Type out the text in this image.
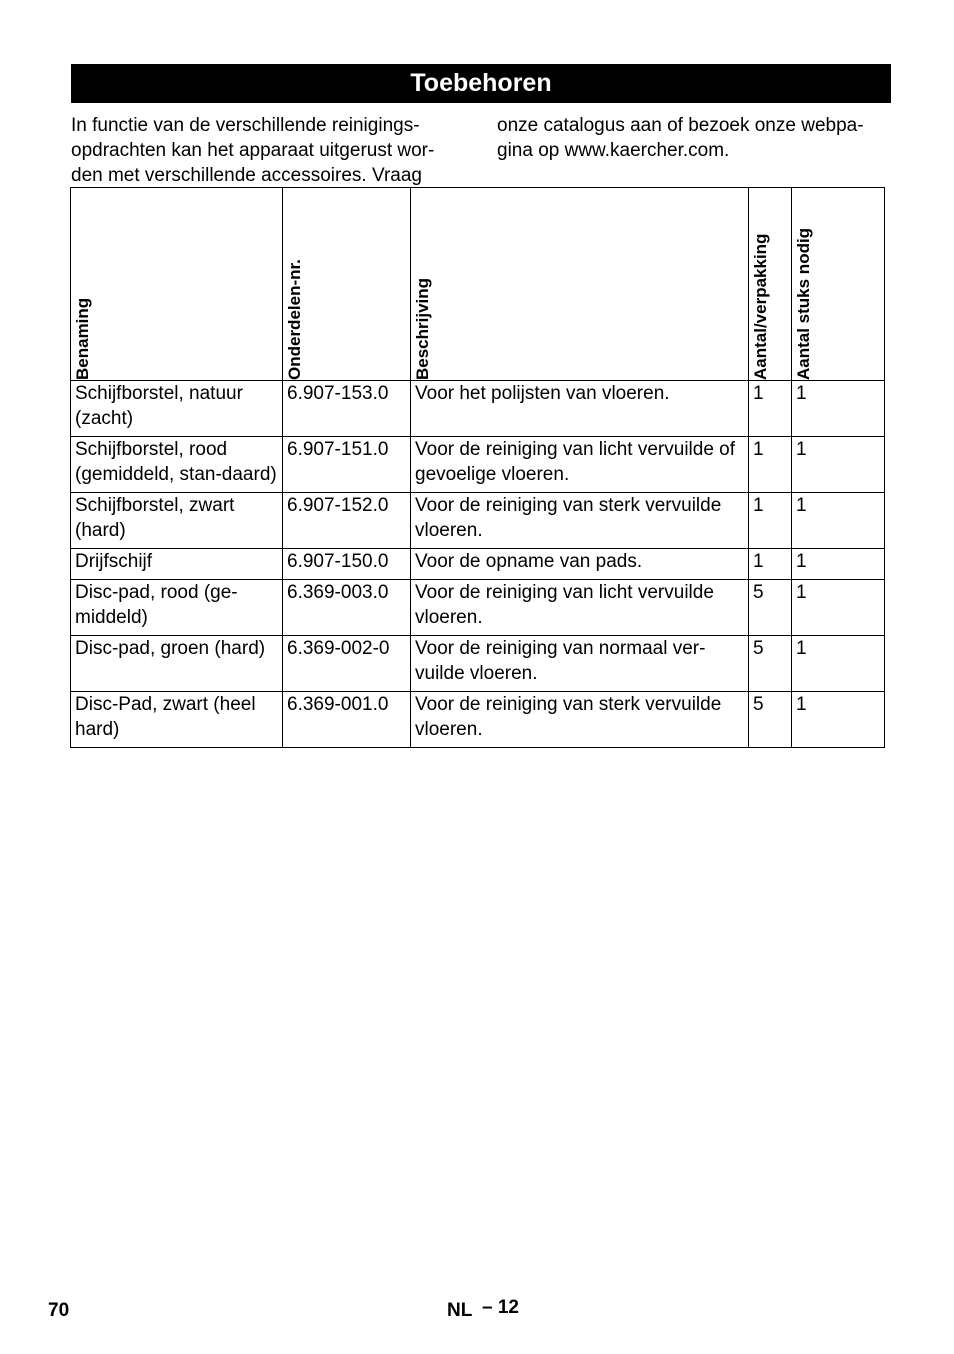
Toebehoren
In functie van de verschillende reinigings-opdrachten kan het apparaat uitgerust wor-den met verschillende accessoires. Vraag
onze catalogus aan of bezoek onze webpa-gina op www.kaercher.com.
Benaming	Onderdelen-nr.	Beschrijving	Aantal/verpakking	Aantal stuks nodig

Schijfborstel, natuur (zacht)	6.907-153.0	Voor het polijsten van vloeren.	1	1
Schijfborstel, rood (gemiddeld, stan-daard)	6.907-151.0	Voor de reiniging van licht vervuilde of gevoelige vloeren.	1	1
Schijfborstel, zwart (hard)	6.907-152.0	Voor de reiniging van sterk vervuilde vloeren.	1	1
Drijfschijf	6.907-150.0	Voor de opname van pads.	1	1
Disc-pad, rood (ge-middeld)	6.369-003.0	Voor de reiniging van licht vervuilde vloeren.	5	1
Disc-pad, groen (hard)	6.369-002-0	Voor de reiniging van normaal ver-vuilde vloeren.	5	1
Disc-Pad, zwart (heel hard)	6.369-001.0	Voor de reiniging van sterk vervuilde vloeren.	5	1
70	NL – 12
